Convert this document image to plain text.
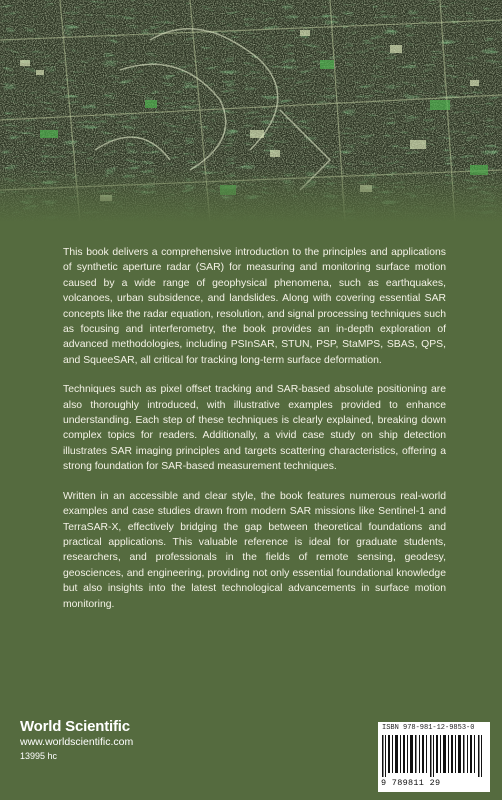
This book delivers a comprehensive introduction to the principles and applications of synthetic aperture radar (SAR) for measuring and monitoring surface motion caused by a wide range of geophysical phenomena, such as earthquakes, volcanoes, urban subsidence, and landslides. Along with covering essential SAR concepts like the radar equation, resolution, and signal processing techniques such as focusing and interferometry, the book provides an in-depth exploration of advanced methodologies, including PSInSAR, STUN, PSP, StaMPS, SBAS, QPS, and SqueeSAR, all critical for tracking long-term surface deformation.

Techniques such as pixel offset tracking and SAR-based absolute positioning are also thoroughly introduced, with illustrative examples provided to enhance understanding. Each step of these techniques is clearly explained, breaking down complex topics for readers. Additionally, a vivid case study on ship detection illustrates SAR imaging principles and targets scattering characteristics, offering a strong foundation for SAR-based measurement techniques.

Written in an accessible and clear style, the book features numerous real-world examples and case studies drawn from modern SAR missions like Sentinel-1 and TerraSAR-X, effectively bridging the gap between theoretical foundations and practical applications. This valuable reference is ideal for graduate students, researchers, and professionals in the fields of remote sensing, geodesy, geosciences, and engineering, providing not only essential foundational knowledge but also insights into the latest technological advancements in surface motion monitoring.

World Scientific
www.worldscientific.com
13995 hc
ISBN 978-981-12-9853-0
9 789811 29
